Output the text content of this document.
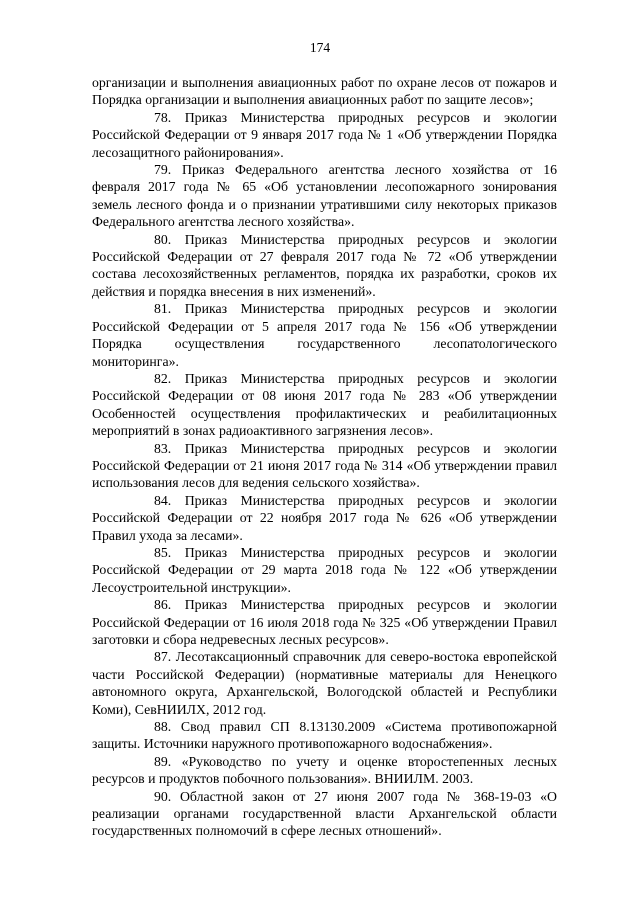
174

организации и выполнения авиационных работ по охране лесов от пожаров и Порядка организации и выполнения авиационных работ по защите лесов»;

78. Приказ Министерства природных ресурсов и экологии Российской Федерации от 9 января 2017 года № 1 «Об утверждении Порядка лесозащитного районирования».

79. Приказ Федерального агентства лесного хозяйства от 16 февраля 2017 года № 65 «Об установлении лесопожарного зонирования земель лесного фонда и о признании утратившими силу некоторых приказов Федерального агентства лесного хозяйства».

80. Приказ Министерства природных ресурсов и экологии Российской Федерации от 27 февраля 2017 года № 72 «Об утверждении состава лесохозяйственных регламентов, порядка их разработки, сроков их действия и порядка внесения в них изменений».

81. Приказ Министерства природных ресурсов и экологии Российской Федерации от 5 апреля 2017 года № 156 «Об утверждении Порядка осуществления государственного лесопатологического мониторинга».

82. Приказ Министерства природных ресурсов и экологии Российской Федерации от 08 июня 2017 года № 283 «Об утверждении Особенностей осуществления профилактических и реабилитационных мероприятий в зонах радиоактивного загрязнения лесов».

83. Приказ Министерства природных ресурсов и экологии Российской Федерации от 21 июня 2017 года № 314 «Об утверждении правил использования лесов для ведения сельского хозяйства».

84. Приказ Министерства природных ресурсов и экологии Российской Федерации от 22 ноября 2017 года № 626 «Об утверждении Правил ухода за лесами».

85. Приказ Министерства природных ресурсов и экологии Российской Федерации от 29 марта 2018 года № 122 «Об утверждении Лесоустроительной инструкции».

86. Приказ Министерства природных ресурсов и экологии Российской Федерации от 16 июля 2018 года № 325 «Об утверждении Правил заготовки и сбора недревесных лесных ресурсов».

87. Лесотаксационный справочник для северо-востока европейской части Российской Федерации) (нормативные материалы для Ненецкого автономного округа, Архангельской, Вологодской областей и Республики Коми), СевНИИЛХ, 2012 год.

88. Свод правил СП 8.13130.2009 «Система противопожарной защиты. Источники наружного противопожарного водоснабжения».

89. «Руководство по учету и оценке второстепенных лесных ресурсов и продуктов побочного пользования». ВНИИЛМ. 2003.

90. Областной закон от 27 июня 2007 года № 368-19-03 «О реализации органами государственной власти Архангельской области государственных полномочий в сфере лесных отношений».
